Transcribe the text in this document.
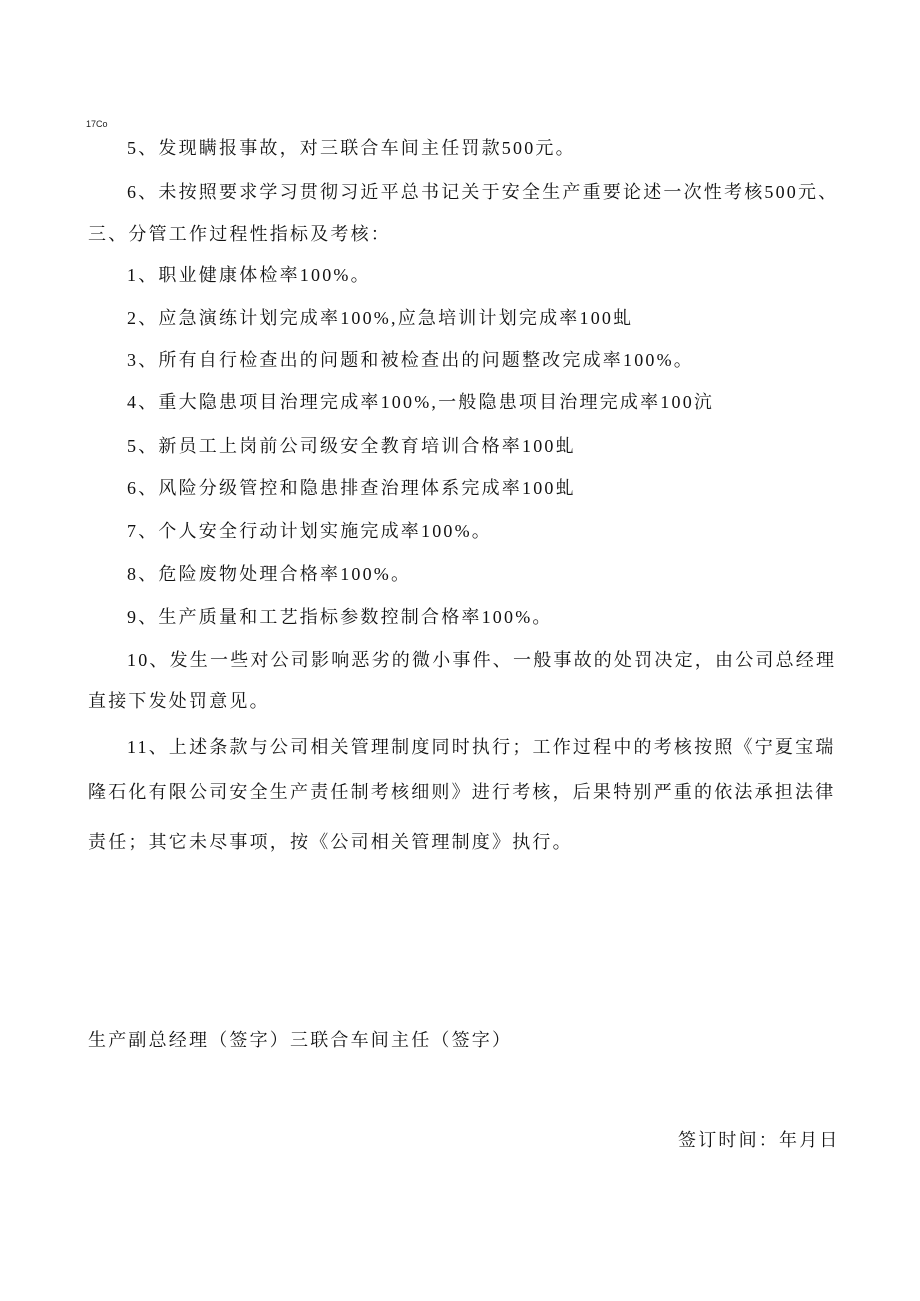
17Co
5、发现瞒报事故，对三联合车间主任罚款500元。
6、未按照要求学习贯彻习近平总书记关于安全生产重要论述一次性考核500元、
三、分管工作过程性指标及考核：
1、职业健康体检率100%。
2、应急演练计划完成率100%,应急培训计划完成率100虬
3、所有自行检查出的问题和被检查出的问题整改完成率100%。
4、重大隐患项目治理完成率100%,一般隐患项目治理完成率100沆
5、新员工上岗前公司级安全教育培训合格率100虬
6、风险分级管控和隐患排查治理体系完成率100虬
7、个人安全行动计划实施完成率100%。
8、危险废物处理合格率100%。
9、生产质量和工艺指标参数控制合格率100%。
10、发生一些对公司影响恶劣的微小事件、一般事故的处罚决定，由公司总经理
直接下发处罚意见。
11、上述条款与公司相关管理制度同时执行；工作过程中的考核按照《宁夏宝瑞
隆石化有限公司安全生产责任制考核细则》进行考核，后果特别严重的依法承担法律
责任；其它未尽事项，按《公司相关管理制度》执行。
生产副总经理（签字）三联合车间主任（签字）
签订时间：年月日
